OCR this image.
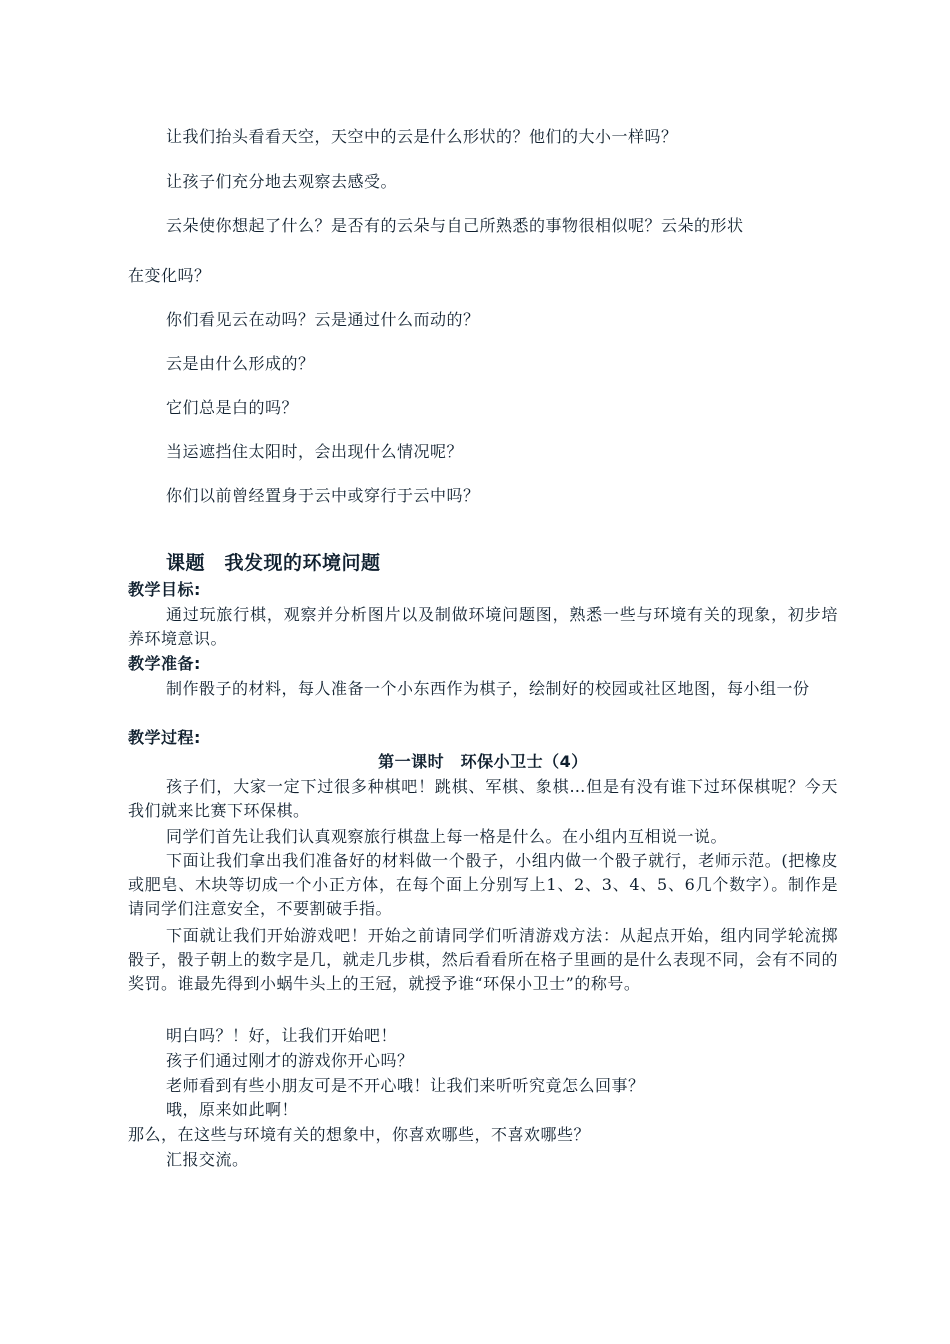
让我们抬头看看天空，天空中的云是什么形状的？他们的大小一样吗？

让孩子们充分地去观察去感受。

云朵使你想起了什么？是否有的云朵与自己所熟悉的事物很相似呢？云朵的形状

在变化吗？

你们看见云在动吗？云是通过什么而动的？

云是由什么形成的？

它们总是白的吗？

当运遮挡住太阳时，会出现什么情况呢？

你们以前曾经置身于云中或穿行于云中吗？

课题　我发现的环境问题

教学目标:

通过玩旅行棋，观察并分析图片以及制做环境问题图，熟悉一些与环境有关的现象，初步培养环境意识。

教学准备:

制作骰子的材料，每人准备一个小东西作为棋子，绘制好的校园或社区地图，每小组一份

教学过程:

第一课时　环保小卫士（4）

孩子们，大家一定下过很多种棋吧！跳棋、军棋、象棋…但是有没有谁下过环保棋呢？今天我们就来比赛下环保棋。

同学们首先让我们认真观察旅行棋盘上每一格是什么。在小组内互相说一说。

下面让我们拿出我们准备好的材料做一个骰子，小组内做一个骰子就行，老师示范。(把橡皮或肥皂、木块等切成一个小正方体，在每个面上分别写上1、2、3、4、5、6几个数字）。制作是请同学们注意安全，不要割破手指。

下面就让我们开始游戏吧！开始之前请同学们听清游戏方法：从起点开始，组内同学轮流掷骰子，骰子朝上的数字是几，就走几步棋，然后看看所在格子里画的是什么表现不同，会有不同的奖罚。谁最先得到小蜗牛头上的王冠，就授予谁“环保小卫士”的称号。

明白吗？！好，让我们开始吧！

孩子们通过刚才的游戏你开心吗？

老师看到有些小朋友可是不开心哦！让我们来听听究竟怎么回事？

哦，原来如此啊！

那么，在这些与环境有关的想象中，你喜欢哪些，不喜欢哪些？

汇报交流。
